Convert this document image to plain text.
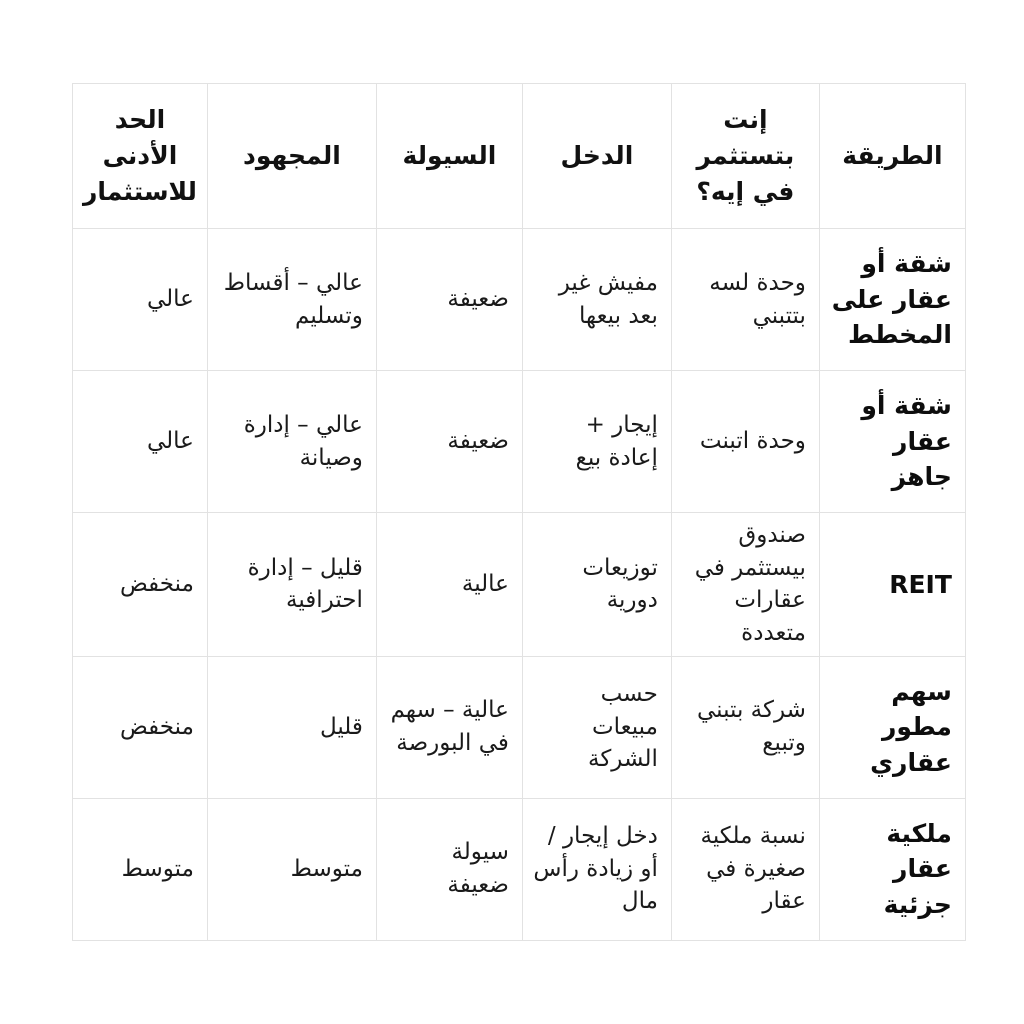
الطريقة	إنت بتستثمر في إيه؟	الدخل	السيولة	المجهود	الحد الأدنى للاستثمار
شقة أو عقار على المخطط	وحدة لسه بتتبني	مفيش غير بعد بيعها	ضعيفة	عالي – أقساط وتسليم	عالي
شقة أو عقار جاهز	وحدة اتبنت	إيجار + إعادة بيع	ضعيفة	عالي – إدارة وصيانة	عالي
REIT	صندوق بيستثمر في عقارات متعددة	توزيعات دورية	عالية	قليل – إدارة احترافية	منخفض
سهم مطور عقاري	شركة بتبني وتبيع	حسب مبيعات الشركة	عالية – سهم في البورصة	قليل	منخفض
ملكية عقار جزئية	نسبة ملكية صغيرة في عقار	دخل إيجار /أو زيادة رأس مال	سيولة ضعيفة	متوسط	متوسط
